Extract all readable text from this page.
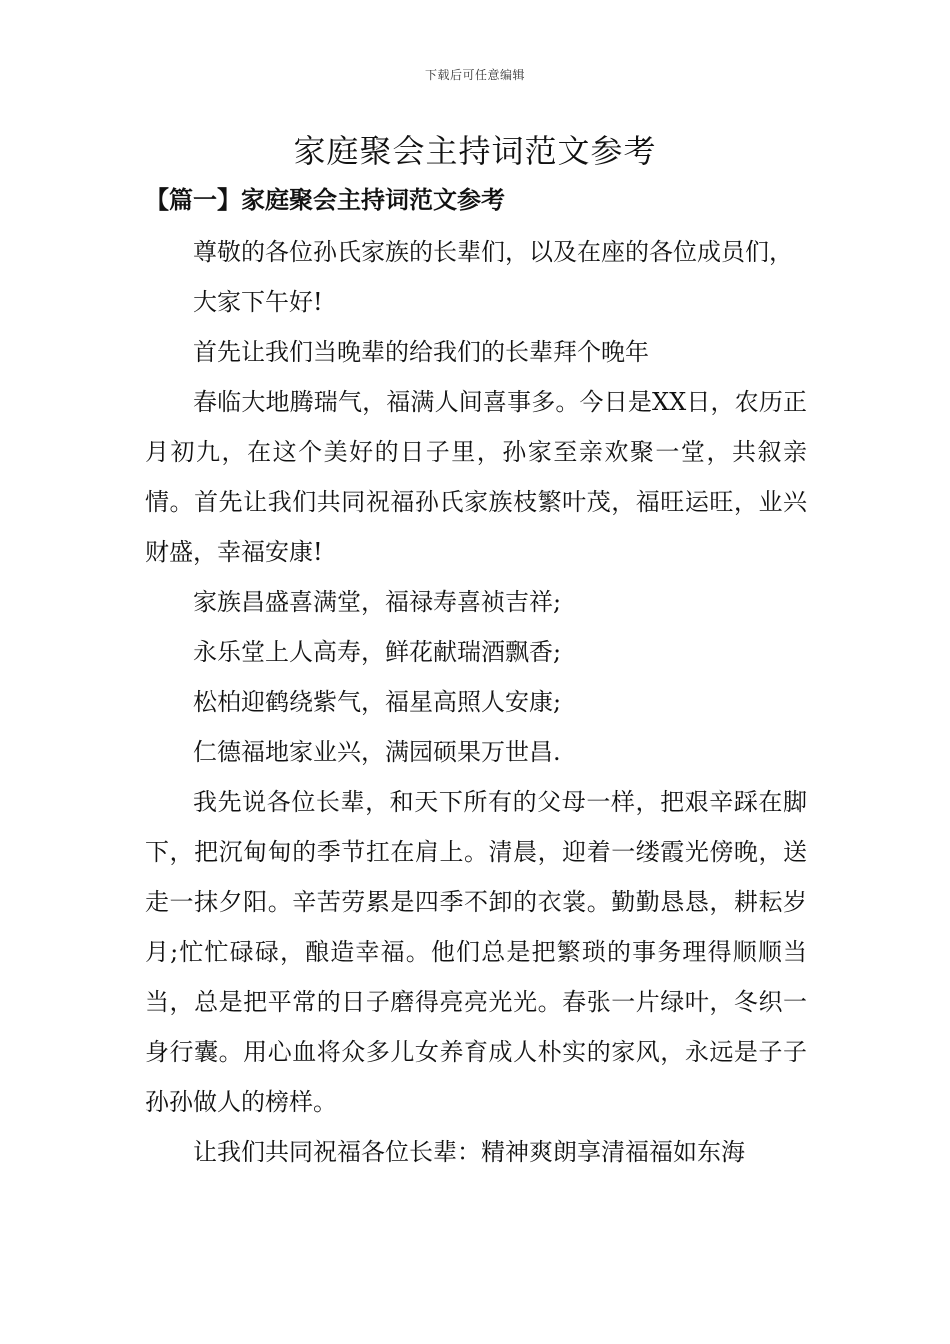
下载后可任意编辑
家庭聚会主持词范文参考
【篇一】家庭聚会主持词范文参考

尊敬的各位孙氏家族的长辈们，以及在座的各位成员们，

大家下午好!

首先让我们当晚辈的给我们的长辈拜个晚年

春临大地腾瑞气，福满人间喜事多。今日是XX日，农历正月初九，在这个美好的日子里，孙家至亲欢聚一堂，共叙亲情。首先让我们共同祝福孙氏家族枝繁叶茂，福旺运旺，业兴财盛，幸福安康!

家族昌盛喜满堂，福禄寿喜祯吉祥;

永乐堂上人高寿，鲜花献瑞酒飘香;

松柏迎鹤绕紫气，福星高照人安康;

仁德福地家业兴，满园硕果万世昌.

我先说各位长辈，和天下所有的父母一样，把艰辛踩在脚下，把沉甸甸的季节扛在肩上。清晨，迎着一缕霞光傍晚，送走一抹夕阳。辛苦劳累是四季不卸的衣裳。勤勤恳恳，耕耘岁月;忙忙碌碌，酿造幸福。他们总是把繁琐的事务理得顺顺当当，总是把平常的日子磨得亮亮光光。春张一片绿叶，冬织一身行囊。用心血将众多儿女养育成人朴实的家风，永远是子子孙孙做人的榜样。

让我们共同祝福各位长辈：精神爽朗享清福福如东海
